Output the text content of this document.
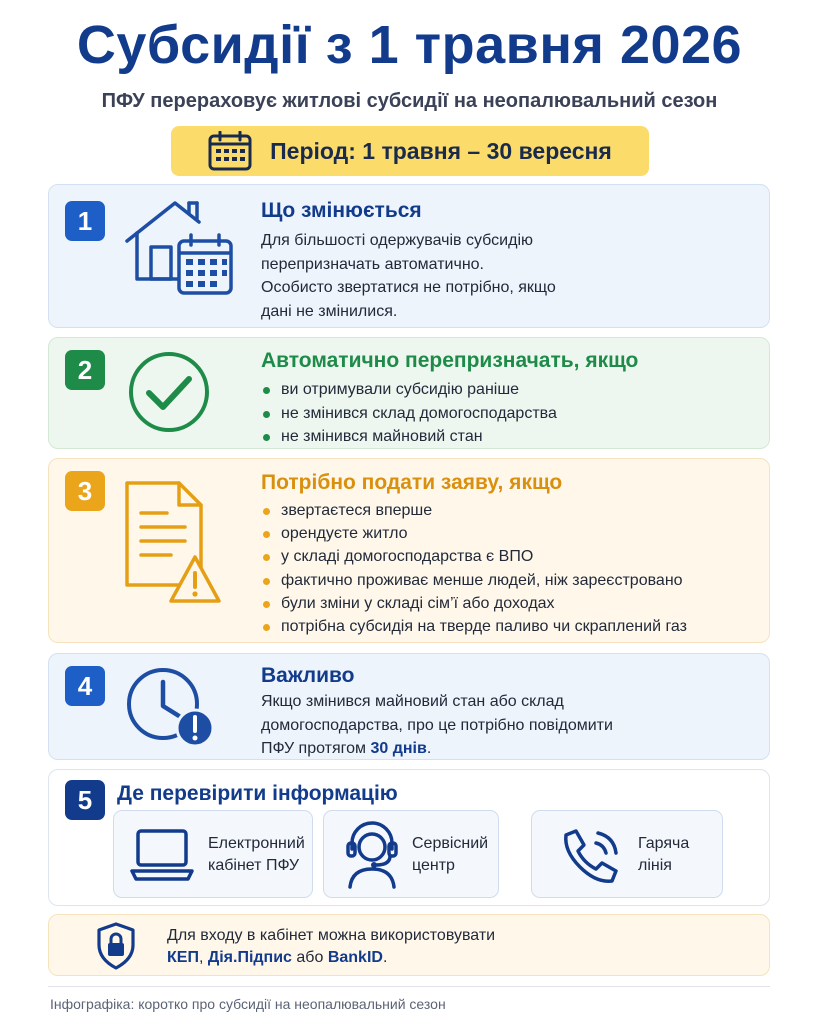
Субсидії з 1 травня 2026
ПФУ перераховує житлові субсидії на неопалювальний сезон
Період: 1 травня – 30 вересня
1	Що змінюється
Для більшості одержувачів субсидію
перепризначать автоматично.
Особисто звертатися не потрібно, якщо
дані не змінилися.
2	Автоматично перепризначать, якщо
ви отримували субсидію раніше
не змінився склад домогосподарства
не змінився майновий стан
3	Потрібно подати заяву, якщо
звертаєтеся вперше
орендуєте житло
у складі домогосподарства є ВПО
фактично проживає менше людей, ніж зареєстровано
були зміни у складі сім’ї або доходах
потрібна субсидія на тверде паливо чи скраплений газ
4	Важливо
Якщо змінився майновий стан або склад
домогосподарства, про це потрібно повідомити
ПФУ протягом 30 днів.
5	Де перевірити інформацію
Електронний
кабінет ПФУ
Сервісний
центр
Гаряча
лінія
Для входу в кабінет можна використовувати
КЕП, Дія.Підпис або BankID.
Інфографіка: коротко про субсидії на неопалювальний сезон
